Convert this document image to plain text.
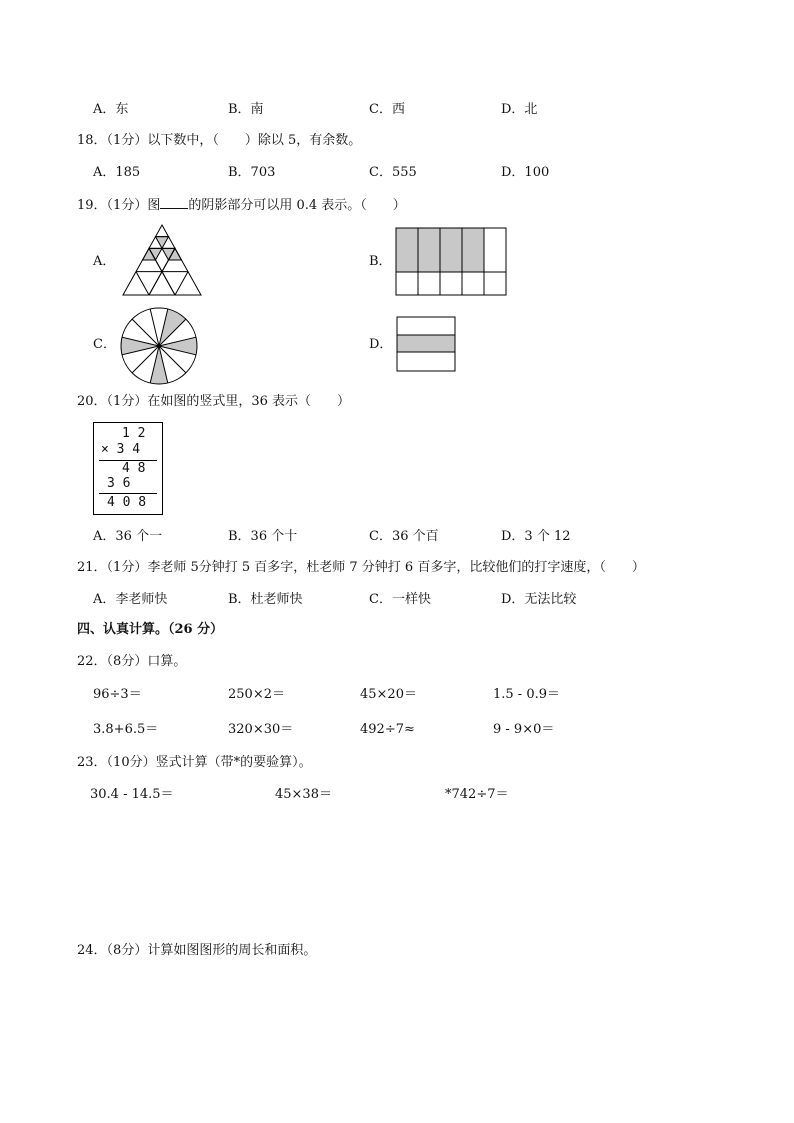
A．东	B．南	C．西	D．北
18．（1分）以下数中，（　　）除以 5，有余数。
A．185	B．703	C．555	D．100
19．（1分）图 的阴影部分可以用 0.4 表示。（　　）
A．	B．
C．	D．
20．（1分）在如图的竖式里，36 表示（　　）
1 2
× 3 4
4 8
3 6
4 0 8
A．36 个一	B．36 个十	C．36 个百	D．3 个 12
21．（1分）李老师 5分钟打 5 百多字，杜老师 7 分钟打 6 百多字，比较他们的打字速度，（　　）
A．李老师快	B．杜老师快	C．一样快	D．无法比较
四、认真计算。（26 分）
22．（8分）口算。
96÷3＝	250×2＝	45×20＝	1.5 - 0.9＝
3.8+6.5＝	320×30＝	492÷7≈	9 - 9×0＝
23．（10分）竖式计算（带*的要验算）。
30.4 - 14.5＝	45×38＝	*742÷7＝
24．（8分）计算如图图形的周长和面积。
